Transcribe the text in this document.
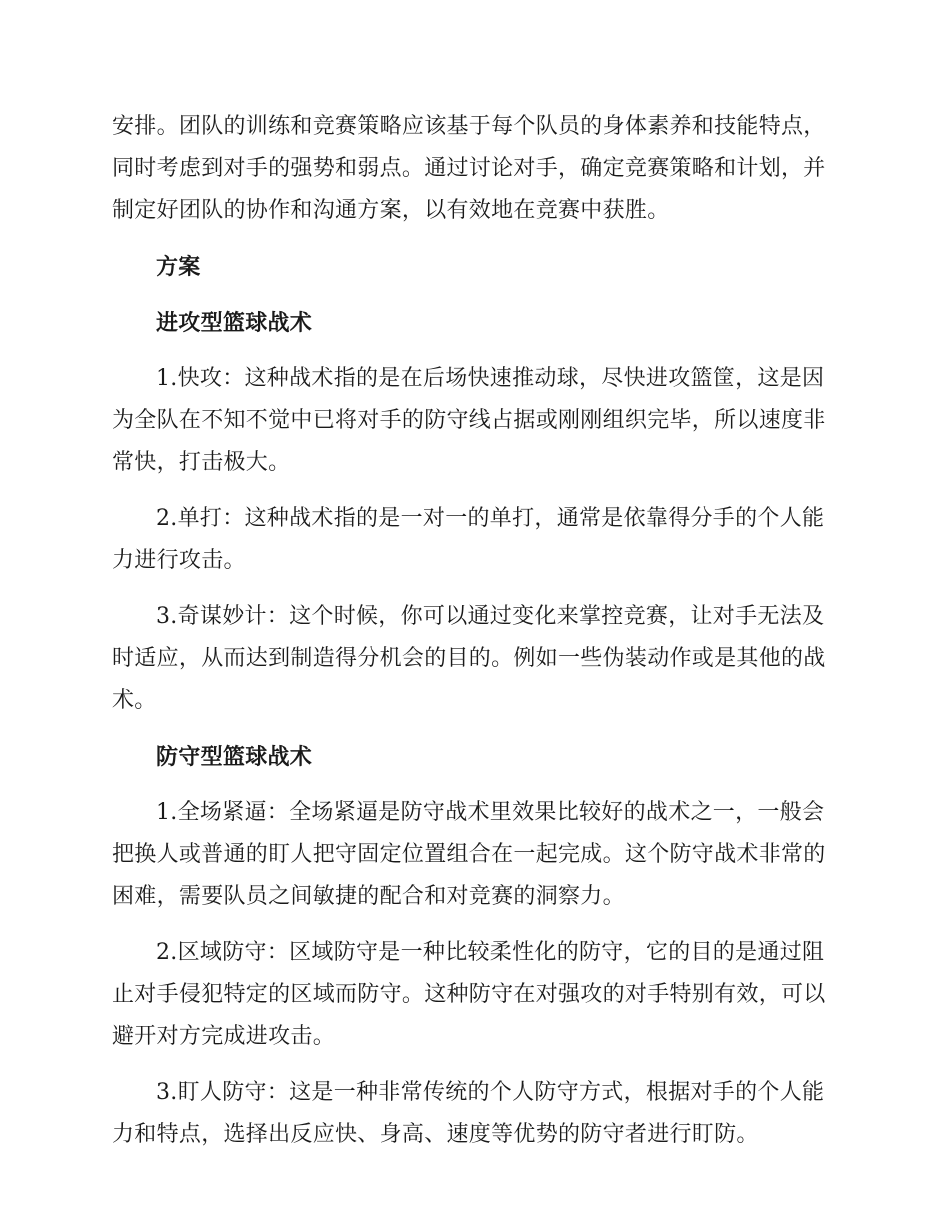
安排。团队的训练和竞赛策略应该基于每个队员的身体素养和技能特点，同时考虑到对手的强势和弱点。通过讨论对手，确定竞赛策略和计划，并制定好团队的协作和沟通方案，以有效地在竞赛中获胜。

方案

进攻型篮球战术

1.快攻：这种战术指的是在后场快速推动球，尽快进攻篮筐，这是因为全队在不知不觉中已将对手的防守线占据或刚刚组织完毕，所以速度非常快，打击极大。

2.单打：这种战术指的是一对一的单打，通常是依靠得分手的个人能力进行攻击。

3.奇谋妙计：这个时候，你可以通过变化来掌控竞赛，让对手无法及时适应，从而达到制造得分机会的目的。例如一些伪装动作或是其他的战术。

防守型篮球战术

1.全场紧逼：全场紧逼是防守战术里效果比较好的战术之一，一般会把换人或普通的盯人把守固定位置组合在一起完成。这个防守战术非常的困难，需要队员之间敏捷的配合和对竞赛的洞察力。

2.区域防守：区域防守是一种比较柔性化的防守，它的目的是通过阻止对手侵犯特定的区域而防守。这种防守在对强攻的对手特别有效，可以避开对方完成进攻击。

3.盯人防守：这是一种非常传统的个人防守方式，根据对手的个人能力和特点，选择出反应快、身高、速度等优势的防守者进行盯防。
